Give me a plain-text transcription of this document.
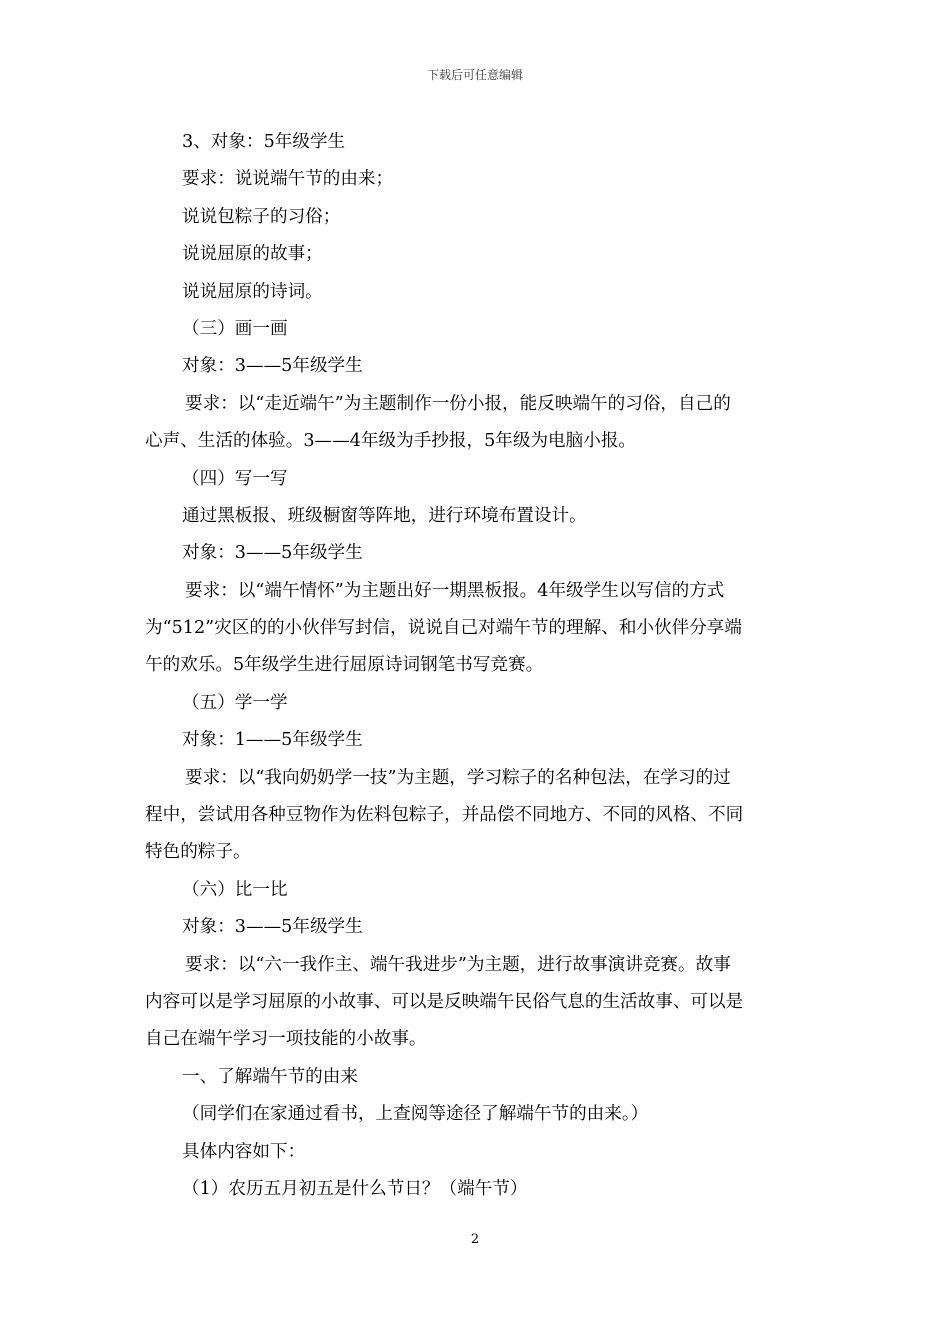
下载后可任意编辑
3、对象：5年级学生
要求：说说端午节的由来；
说说包粽子的习俗；
说说屈原的故事；
说说屈原的诗词。
（三）画一画
对象：3——5年级学生
要求：以“走近端午”为主题制作一份小报，能反映端午的习俗，自己的
心声、生活的体验。3——4年级为手抄报，5年级为电脑小报。
（四）写一写
通过黑板报、班级橱窗等阵地，进行环境布置设计。
对象：3——5年级学生
要求：以“端午情怀”为主题出好一期黑板报。4年级学生以写信的方式
为“512”灾区的的小伙伴写封信，说说自己对端午节的理解、和小伙伴分享端
午的欢乐。5年级学生进行屈原诗词钢笔书写竞赛。
（五）学一学
对象：1——5年级学生
要求：以“我向奶奶学一技”为主题，学习粽子的名种包法，在学习的过
程中，尝试用各种豆物作为佐料包粽子，并品偿不同地方、不同的风格、不同
特色的粽子。
（六）比一比
对象：3——5年级学生
要求：以“六一我作主、端午我进步”为主题，进行故事演讲竞赛。故事
内容可以是学习屈原的小故事、可以是反映端午民俗气息的生活故事、可以是
自己在端午学习一项技能的小故事。
一、了解端午节的由来
（同学们在家通过看书，上查阅等途径了解端午节的由来。）
具体内容如下：
（1）农历五月初五是什么节日？（端午节）
2
